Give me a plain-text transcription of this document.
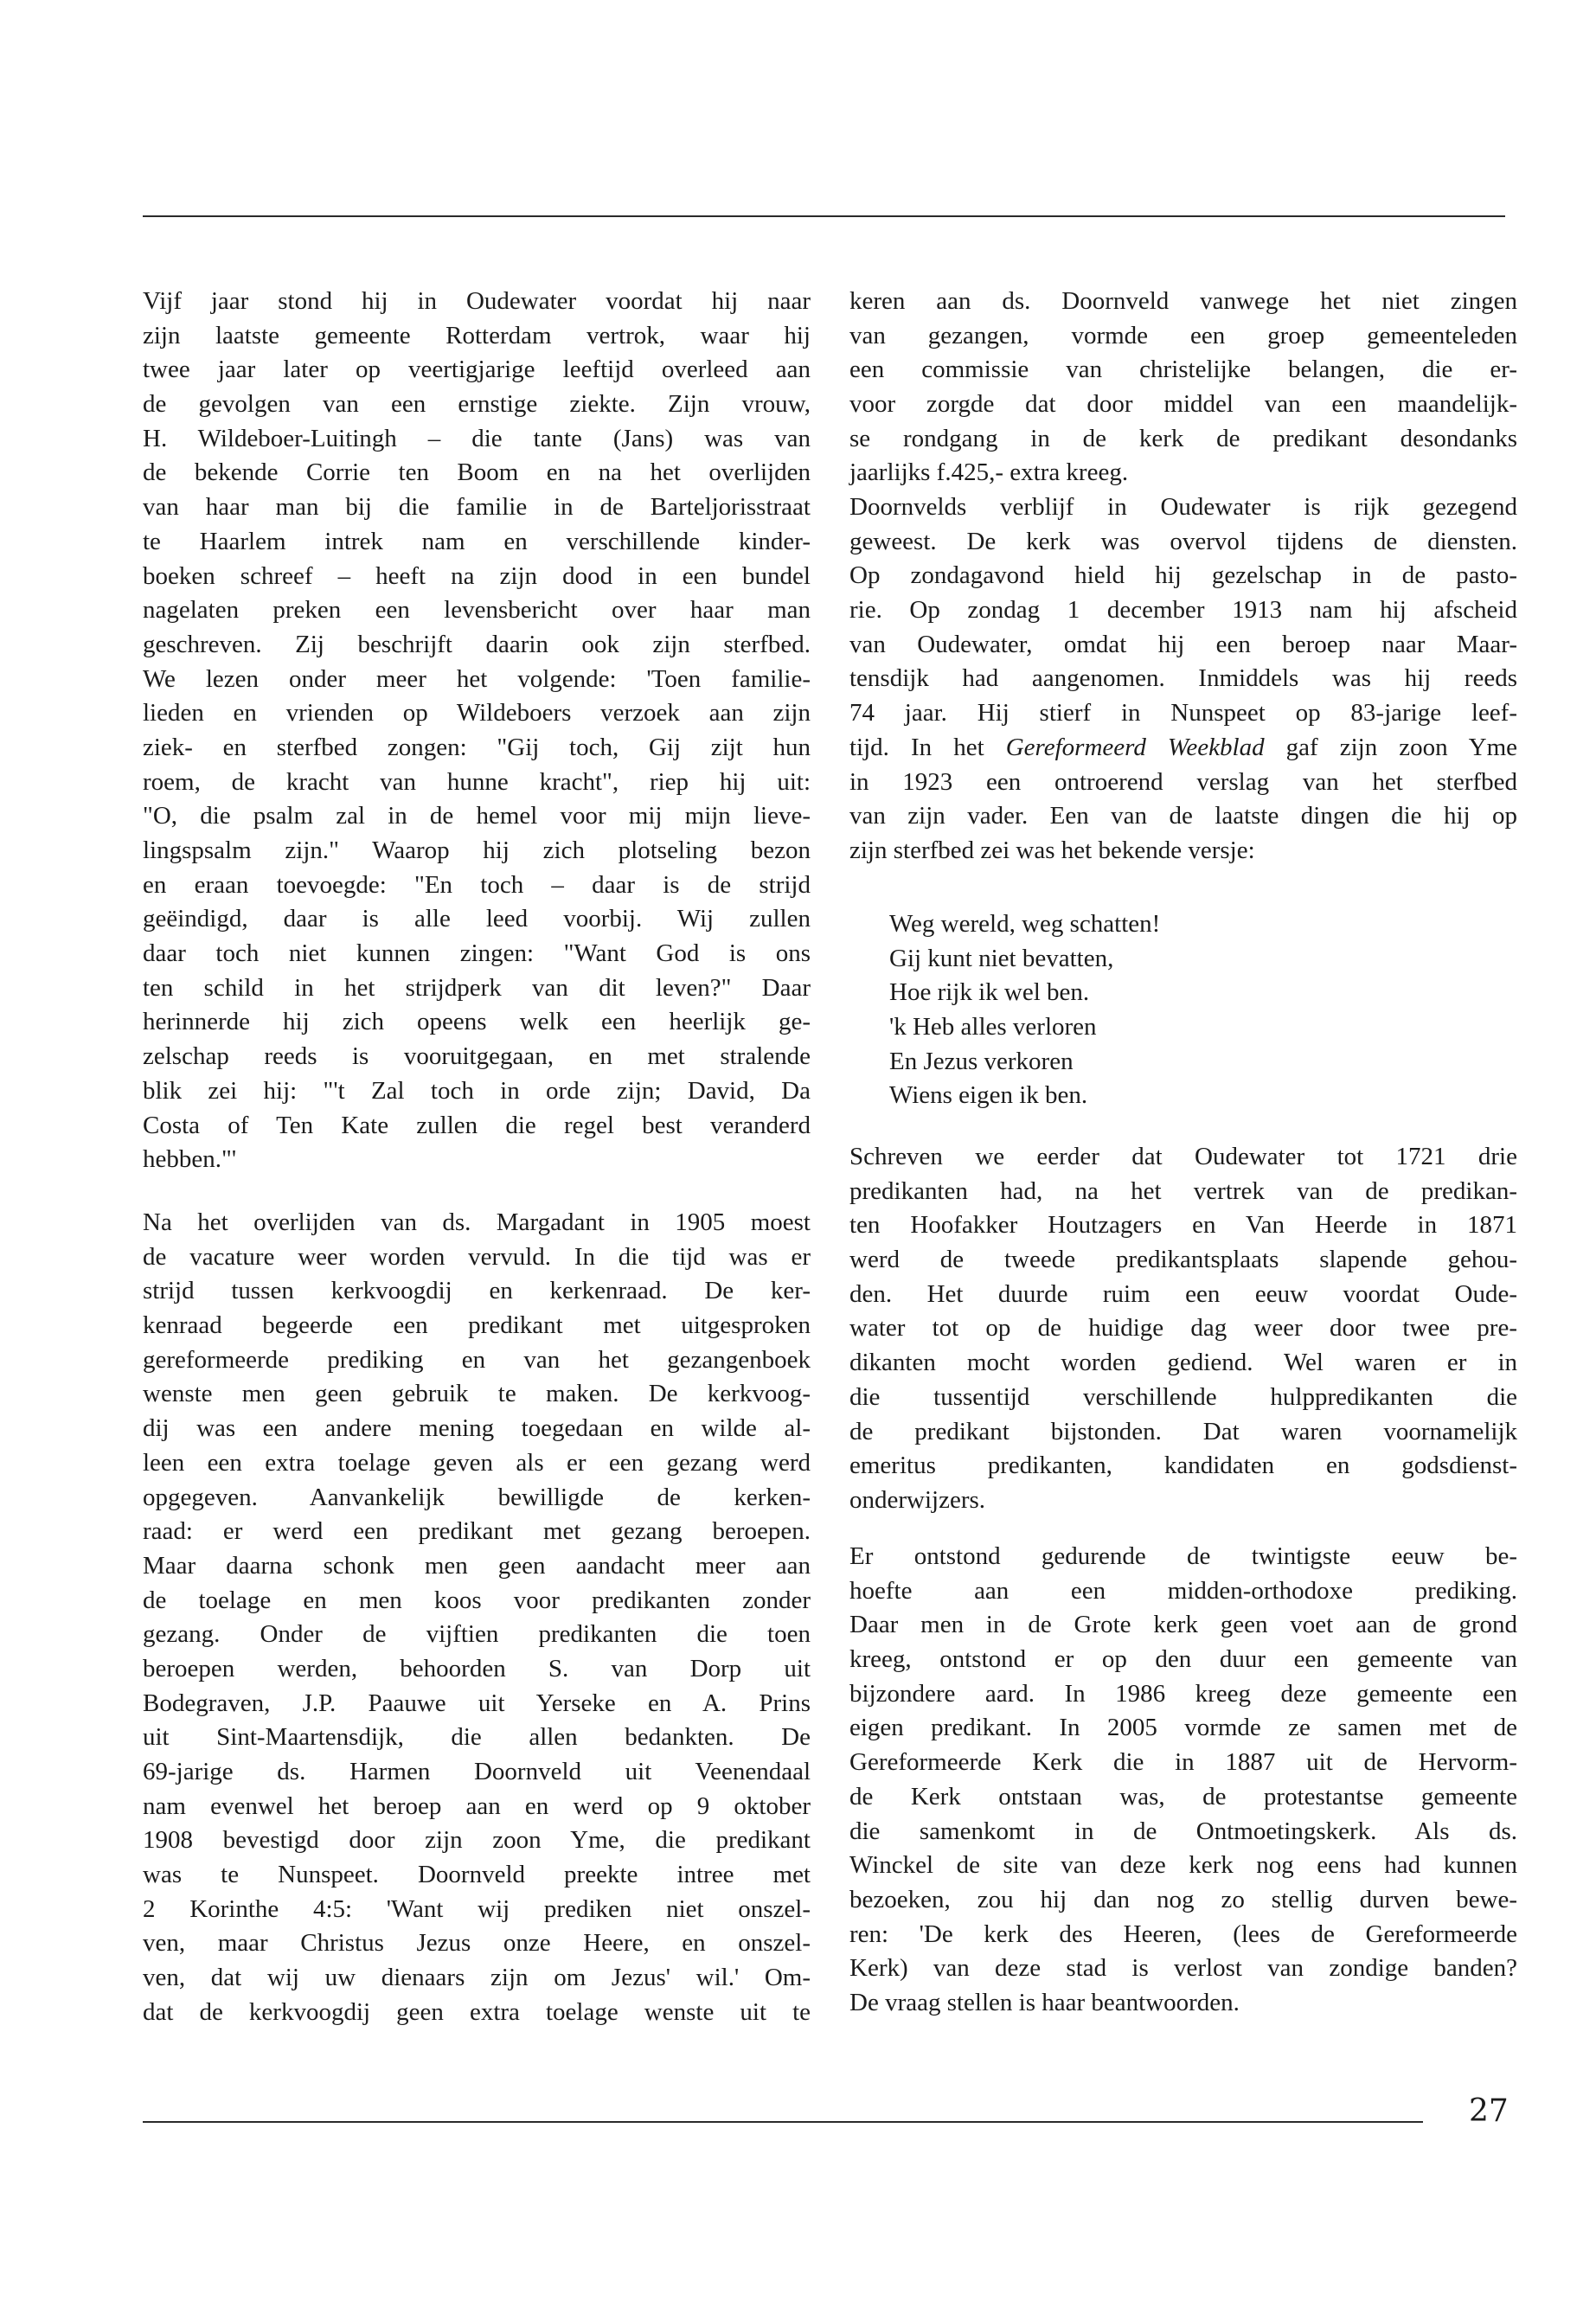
Vijf jaar stond hij in Oudewater voordat hij naar
zijn laatste gemeente Rotterdam vertrok, waar hij
twee jaar later op veertigjarige leeftijd overleed aan
de gevolgen van een ernstige ziekte. Zijn vrouw,
H. Wildeboer-Luitingh – die tante (Jans) was van
de bekende Corrie ten Boom en na het overlijden
van haar man bij die familie in de Barteljorisstraat
te Haarlem intrek nam en verschillende kinder-
boeken schreef – heeft na zijn dood in een bundel
nagelaten preken een levensbericht over haar man
geschreven. Zij beschrijft daarin ook zijn sterfbed.
We lezen onder meer het volgende: 'Toen familie-
lieden en vrienden op Wildeboers verzoek aan zijn
ziek- en sterfbed zongen: "Gij toch, Gij zijt hun
roem, de kracht van hunne kracht", riep hij uit:
"O, die psalm zal in de hemel voor mij mijn lieve-
lingspsalm zijn." Waarop hij zich plotseling bezon
en eraan toevoegde: "En toch – daar is de strijd
geëindigd, daar is alle leed voorbij. Wij zullen
daar toch niet kunnen zingen: "Want God is ons
ten schild in het strijdperk van dit leven?" Daar
herinnerde hij zich opeens welk een heerlijk ge-
zelschap reeds is vooruitgegaan, en met stralende
blik zei hij: "'t Zal toch in orde zijn; David, Da
Costa of Ten Kate zullen die regel best veranderd
hebben."'
Na het overlijden van ds. Margadant in 1905 moest
de vacature weer worden vervuld. In die tijd was er
strijd tussen kerkvoogdij en kerkenraad. De ker-
kenraad begeerde een predikant met uitgesproken
gereformeerde prediking en van het gezangenboek
wenste men geen gebruik te maken. De kerkvoog-
dij was een andere mening toegedaan en wilde al-
leen een extra toelage geven als er een gezang werd
opgegeven. Aanvankelijk bewilligde de kerken-
raad: er werd een predikant met gezang beroepen.
Maar daarna schonk men geen aandacht meer aan
de toelage en men koos voor predikanten zonder
gezang. Onder de vijftien predikanten die toen
beroepen werden, behoorden S. van Dorp uit
Bodegraven, J.P. Paauwe uit Yerseke en A. Prins
uit Sint-Maartensdijk, die allen bedankten. De
69-jarige ds. Harmen Doornveld uit Veenendaal
nam evenwel het beroep aan en werd op 9 oktober
1908 bevestigd door zijn zoon Yme, die predikant
was te Nunspeet. Doornveld preekte intree met
2 Korinthe 4:5: 'Want wij prediken niet onszel-
ven, maar Christus Jezus onze Heere, en onszel-
ven, dat wij uw dienaars zijn om Jezus' wil.' Om-
dat de kerkvoogdij geen extra toelage wenste uit te
keren aan ds. Doornveld vanwege het niet zingen
van gezangen, vormde een groep gemeenteleden
een commissie van christelijke belangen, die er-
voor zorgde dat door middel van een maandelijk-
se rondgang in de kerk de predikant desondanks
jaarlijks f.425,- extra kreeg.
Doornvelds verblijf in Oudewater is rijk gezegend
geweest. De kerk was overvol tijdens de diensten.
Op zondagavond hield hij gezelschap in de pasto-
rie. Op zondag 1 december 1913 nam hij afscheid
van Oudewater, omdat hij een beroep naar Maar-
tensdijk had aangenomen. Inmiddels was hij reeds
74 jaar. Hij stierf in Nunspeet op 83-jarige leef-
tijd. In het Gereformeerd Weekblad gaf zijn zoon Yme
in 1923 een ontroerend verslag van het sterfbed
van zijn vader. Een van de laatste dingen die hij op
zijn sterfbed zei was het bekende versje:
Weg wereld, weg schatten!
Gij kunt niet bevatten,
Hoe rijk ik wel ben.
'k Heb alles verloren
En Jezus verkoren
Wiens eigen ik ben.
Schreven we eerder dat Oudewater tot 1721 drie
predikanten had, na het vertrek van de predikan-
ten Hoofakker Houtzagers en Van Heerde in 1871
werd de tweede predikantsplaats slapende gehou-
den. Het duurde ruim een eeuw voordat Oude-
water tot op de huidige dag weer door twee pre-
dikanten mocht worden gediend. Wel waren er in
die tussentijd verschillende hulppredikanten die
de predikant bijstonden. Dat waren voornamelijk
emeritus predikanten, kandidaten en godsdienst-
onderwijzers.
Er ontstond gedurende de twintigste eeuw be-
hoefte aan een midden-orthodoxe prediking.
Daar men in de Grote kerk geen voet aan de grond
kreeg, ontstond er op den duur een gemeente van
bijzondere aard. In 1986 kreeg deze gemeente een
eigen predikant. In 2005 vormde ze samen met de
Gereformeerde Kerk die in 1887 uit de Hervorm-
de Kerk ontstaan was, de protestantse gemeente
die samenkomt in de Ontmoetingskerk. Als ds.
Winckel de site van deze kerk nog eens had kunnen
bezoeken, zou hij dan nog zo stellig durven bewe-
ren: 'De kerk des Heeren, (lees de Gereformeerde
Kerk) van deze stad is verlost van zondige banden?
De vraag stellen is haar beantwoorden.
27
